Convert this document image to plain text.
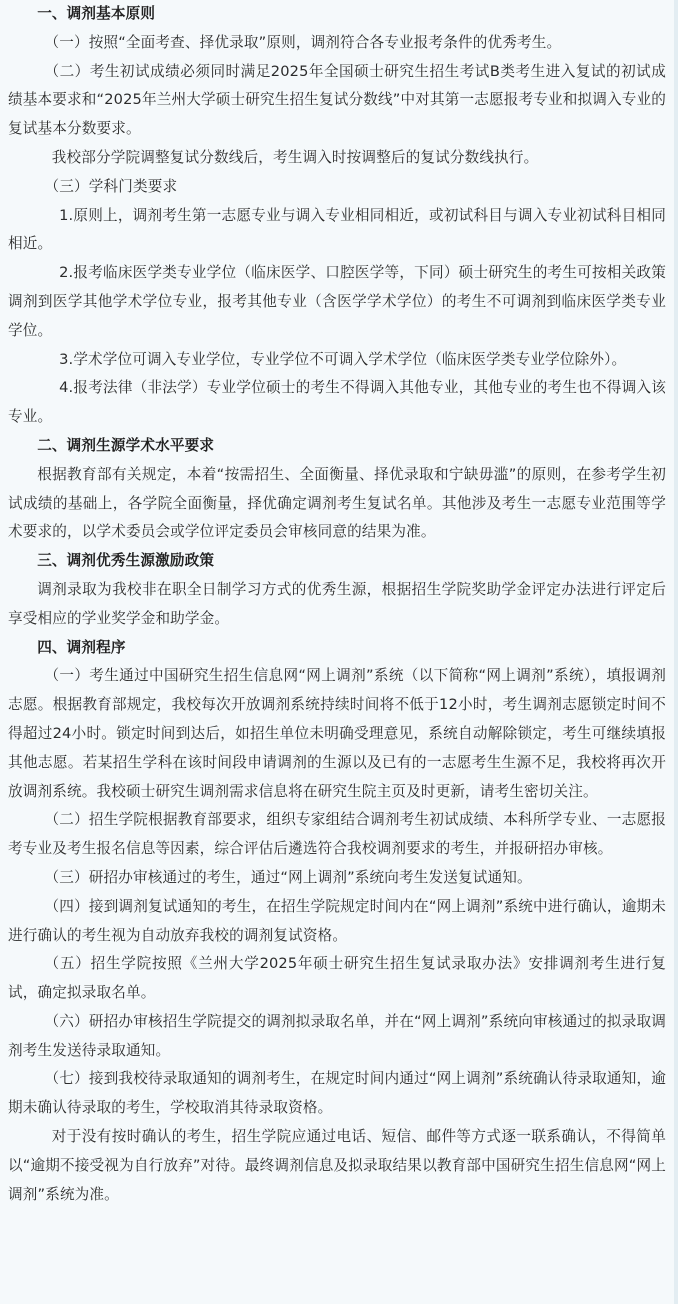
一、调剂基本原则

（一）按照“全面考查、择优录取”原则，调剂符合各专业报考条件的优秀考生。

（二）考生初试成绩必须同时满足2025年全国硕士研究生招生考试B类考生进入复试的初试成绩基本要求和“2025年兰州大学硕士研究生招生复试分数线”中对其第一志愿报考专业和拟调入专业的复试基本分数要求。

我校部分学院调整复试分数线后，考生调入时按调整后的复试分数线执行。

（三）学科门类要求

1.原则上，调剂考生第一志愿专业与调入专业相同相近，或初试科目与调入专业初试科目相同相近。

2.报考临床医学类专业学位（临床医学、口腔医学等，下同）硕士研究生的考生可按相关政策调剂到医学其他学术学位专业，报考其他专业（含医学学术学位）的考生不可调剂到临床医学类专业学位。

3.学术学位可调入专业学位，专业学位不可调入学术学位（临床医学类专业学位除外）。

4.报考法律（非法学）专业学位硕士的考生不得调入其他专业，其他专业的考生也不得调入该专业。

二、调剂生源学术水平要求

根据教育部有关规定，本着“按需招生、全面衡量、择优录取和宁缺毋滥”的原则，在参考学生初试成绩的基础上，各学院全面衡量，择优确定调剂考生复试名单。其他涉及考生一志愿专业范围等学术要求的，以学术委员会或学位评定委员会审核同意的结果为准。

三、调剂优秀生源激励政策

调剂录取为我校非在职全日制学习方式的优秀生源，根据招生学院奖助学金评定办法进行评定后享受相应的学业奖学金和助学金。

四、调剂程序

（一）考生通过中国研究生招生信息网“网上调剂”系统（以下简称“网上调剂”系统），填报调剂志愿。根据教育部规定，我校每次开放调剂系统持续时间将不低于12小时，考生调剂志愿锁定时间不得超过24小时。锁定时间到达后，如招生单位未明确受理意见，系统自动解除锁定，考生可继续填报其他志愿。若某招生学科在该时间段申请调剂的生源以及已有的一志愿考生生源不足，我校将再次开放调剂系统。我校硕士研究生调剂需求信息将在研究生院主页及时更新，请考生密切关注。

（二）招生学院根据教育部要求，组织专家组结合调剂考生初试成绩、本科所学专业、一志愿报考专业及考生报名信息等因素，综合评估后遴选符合我校调剂要求的考生，并报研招办审核。

（三）研招办审核通过的考生，通过“网上调剂”系统向考生发送复试通知。

（四）接到调剂复试通知的考生，在招生学院规定时间内在“网上调剂”系统中进行确认，逾期未进行确认的考生视为自动放弃我校的调剂复试资格。

（五）招生学院按照《兰州大学2025年硕士研究生招生复试录取办法》安排调剂考生进行复试，确定拟录取名单。

（六）研招办审核招生学院提交的调剂拟录取名单，并在“网上调剂”系统向审核通过的拟录取调剂考生发送待录取通知。

（七）接到我校待录取通知的调剂考生，在规定时间内通过“网上调剂”系统确认待录取通知，逾期未确认待录取的考生，学校取消其待录取资格。

对于没有按时确认的考生，招生学院应通过电话、短信、邮件等方式逐一联系确认，不得简单以“逾期不接受视为自行放弃”对待。最终调剂信息及拟录取结果以教育部中国研究生招生信息网“网上调剂”系统为准。
